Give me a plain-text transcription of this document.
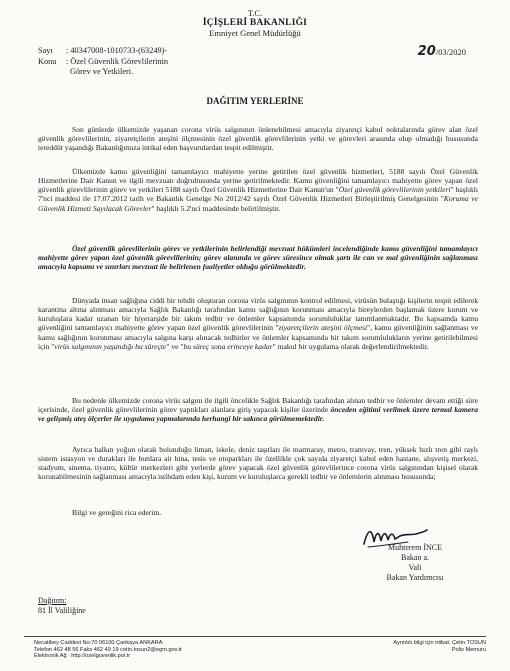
T.C.
İÇİŞLERİ BAKANLIĞI
Emniyet Genel Müdürlüğü
Sayı : 40347008-1010733-(63249)-
Konu : Özel Güvenlik Görevlilerinin
Görev ve Yetkileri.
20/03/2020
DAĞITIM YERLERİNE
Son günlerde ülkemizde yaşanan corona virüs salgınının önlenebilmesi amacıyla ziyaretçi kabul noktalarında görev alan özel güvenlik görevlilerinin, ziyaretçilerin ateşini ölçmesinin özel güvenlik görevlilerinin yetki ve görevleri arasında olup olmadığı hususunda tereddüt yaşandığı Bakanlığımıza intikal eden başvurulardan tespit edilmiştir.
Ülkemizde kamu güvenliğini tamamlayıcı mahiyette yerine getirilen özel güvenlik hizmetleri, 5188 sayılı Özel Güvenlik Hizmetlerine Dair Kanun ve ilgili mevzuatı doğrultusunda yerine getirilmektedir. Kamu güvenliğini tamamlayıcı mahiyette görev yapan özel güvenlik görevlilerinin görev ve yetkileri 5188 sayılı Özel Güvenlik Hizmetlerine Dair Kanun'un "Özel güvenlik görevlilerinin yetkileri" başlıklı 7'nci maddesi ile 17.07.2012 tarih ve Bakanlık Genelge No 2012/42 sayılı Özel Güvenlik Hizmetleri Birleştirilmiş Genelgesinin "Koruma ve Güvenlik Hizmeti Sayılacak Görevler" başlıklı 5.2'nci maddesinde belirtilmiştir.
Özel güvenlik görevlilerinin görev ve yetkilerinin belirlendiği mevzuat hükümleri incelendiğinde kamu güvenliğini tamamlayıcı mahiyette görev yapan özel güvenlik görevlilerinin; görev alanında ve görev süresince olmak şartı ile can ve mal güvenliğinin sağlanması amacıyla kapsamı ve sınırları mevzuat ile belirlenen faaliyetler olduğu görülmektedir.
Dünyada insan sağlığına ciddi bir tehdit oluşturan corona virüs salgınının kontrol edilmesi, virüsün bulaştığı kişilerin tespit edilerek karantina altına alınması amacıyla Sağlık Bakanlığı tarafından kamu sağlığının korunması amacıyla bireylerden başlamak üzere kurum ve kuruluşlara kadar uzanan bir hiyerarşide bir takım tedbir ve önlemler kapsamında sorumluluklar tanımlanmaktadır. Bu kapsamda kamu güvenliğini tamamlayıcı mahiyette görev yapan özel güvenlik görevlilerinin "ziyaretçilerin ateşini ölçmesi", kamu güvenliğinin sağlanması ve kamu sağlığının korunması amacıyla salgına karşı alınacak tedbirler ve önlemler kapsamında bir takım sorumlulukların yerine getirilebilmesi için "virüs salgınının yaşandığı bu süreçte" ve "bu süreç sona erinceye kadar" makul bir uygulama olarak değerlendirilmektedir.
Bu nedenle ülkemizde corona virüs salgını ile ilgili öncelikle Sağlık Bakanlığı tarafından alınan tedbir ve önlemler devam ettiği süre içerisinde, özel güvenlik görevlilerinin görev yaptıkları alanlara giriş yapacak kişiler üzerinde önceden eğitimi verilmek üzere termal kamera ve gelişmiş ateş ölçerler ile uygulama yapmalarında herhangi bir sakınca görülmemektedir.
Ayrıca halkın yoğun olarak bulunduğu liman, iskele, deniz taşıtları ile marmaray, metro, tramvay, tren, yüksek hızlı tren gibi raylı sistem istasyon ve durakları ile bunlara ait bina, tesis ve otoparkları ile özellikle çok sayıda ziyaretçi kabul eden hastane, alışveriş merkezi, stadyum, sinema, tiyatro, kültür merkezleri gibi yerlerde görev yapacak özel güvenlik görevlilerince corona virüs salgınından kişisel olarak korunabilmesinin sağlanması amacıyla istihdam eden kişi, kurum ve kuruluşlarca gerekli tedbir ve önlemlerin alınması hususunda;
Bilgi ve gereğini rica ederim.
Muhterem İNCE
Bakan a.
Vali
Bakan Yardımcısı
Dağıtım:
81 İl Valiliğine
Necatibey Caddesi No:70 06100 Çankaya ANKARA
Telefon 462 48 56 Faks 462 49 19 cetin.tosun2@egm.gov.tr
Elektronik Ağ : http://ozelguvenlik.pol.tr
Ayrıntılı bilgi için irtibat: Çetin TOSUN
Polis Memuru
